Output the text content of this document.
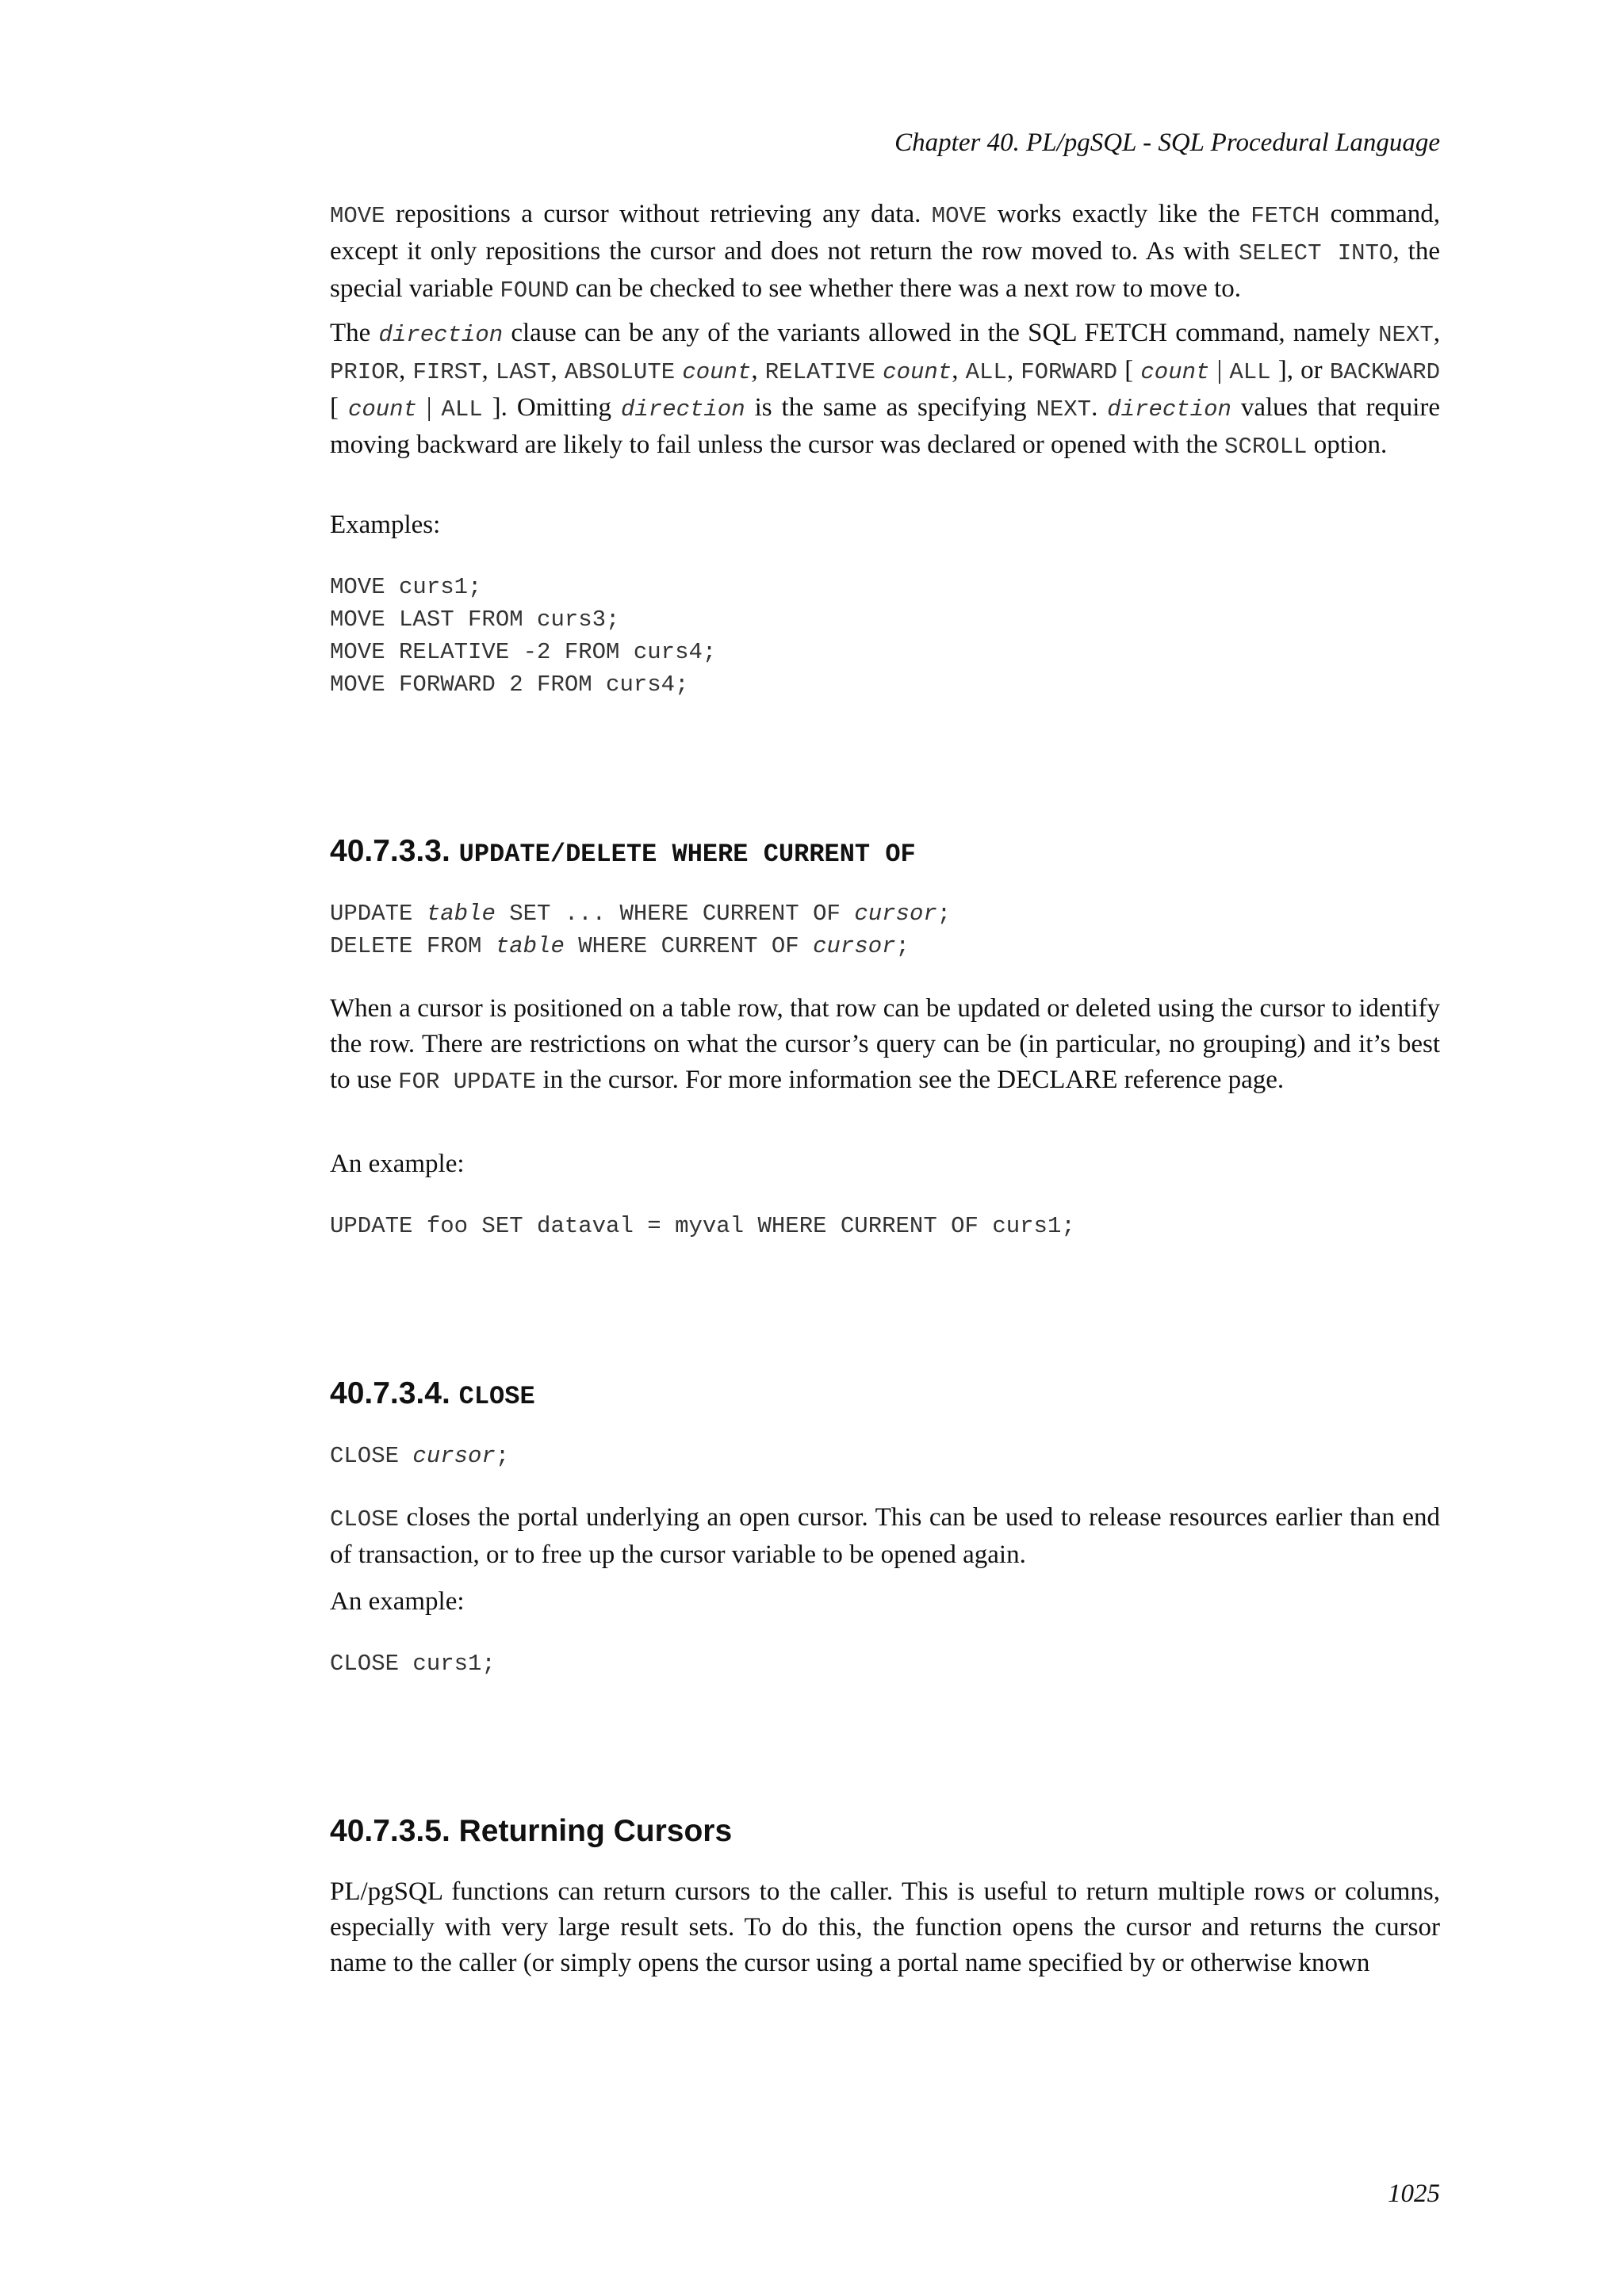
Chapter 40. PL/pgSQL - SQL Procedural Language

MOVE repositions a cursor without retrieving any data. MOVE works exactly like the FETCH command, except it only repositions the cursor and does not return the row moved to. As with SELECT INTO, the special variable FOUND can be checked to see whether there was a next row to move to.

The direction clause can be any of the variants allowed in the SQL FETCH command, namely NEXT, PRIOR, FIRST, LAST, ABSOLUTE count, RELATIVE count, ALL, FORWARD [ count | ALL ], or BACKWARD [ count | ALL ]. Omitting direction is the same as specifying NEXT. direction values that require moving backward are likely to fail unless the cursor was declared or opened with the SCROLL option.

Examples:
MOVE curs1;
MOVE LAST FROM curs3;
MOVE RELATIVE -2 FROM curs4;
MOVE FORWARD 2 FROM curs4;
40.7.3.3. UPDATE/DELETE WHERE CURRENT OF
UPDATE table SET ... WHERE CURRENT OF cursor;
DELETE FROM table WHERE CURRENT OF cursor;

When a cursor is positioned on a table row, that row can be updated or deleted using the cursor to identify the row. There are restrictions on what the cursor’s query can be (in particular, no grouping) and it’s best to use FOR UPDATE in the cursor. For more information see the DECLARE reference page.

An example:
UPDATE foo SET dataval = myval WHERE CURRENT OF curs1;
40.7.3.4. CLOSE
CLOSE cursor;

CLOSE closes the portal underlying an open cursor. This can be used to release resources earlier than end of transaction, or to free up the cursor variable to be opened again.

An example:
CLOSE curs1;
40.7.3.5. Returning Cursors

PL/pgSQL functions can return cursors to the caller. This is useful to return multiple rows or columns, especially with very large result sets. To do this, the function opens the cursor and returns the cursor name to the caller (or simply opens the cursor using a portal name specified by or otherwise known

1025
